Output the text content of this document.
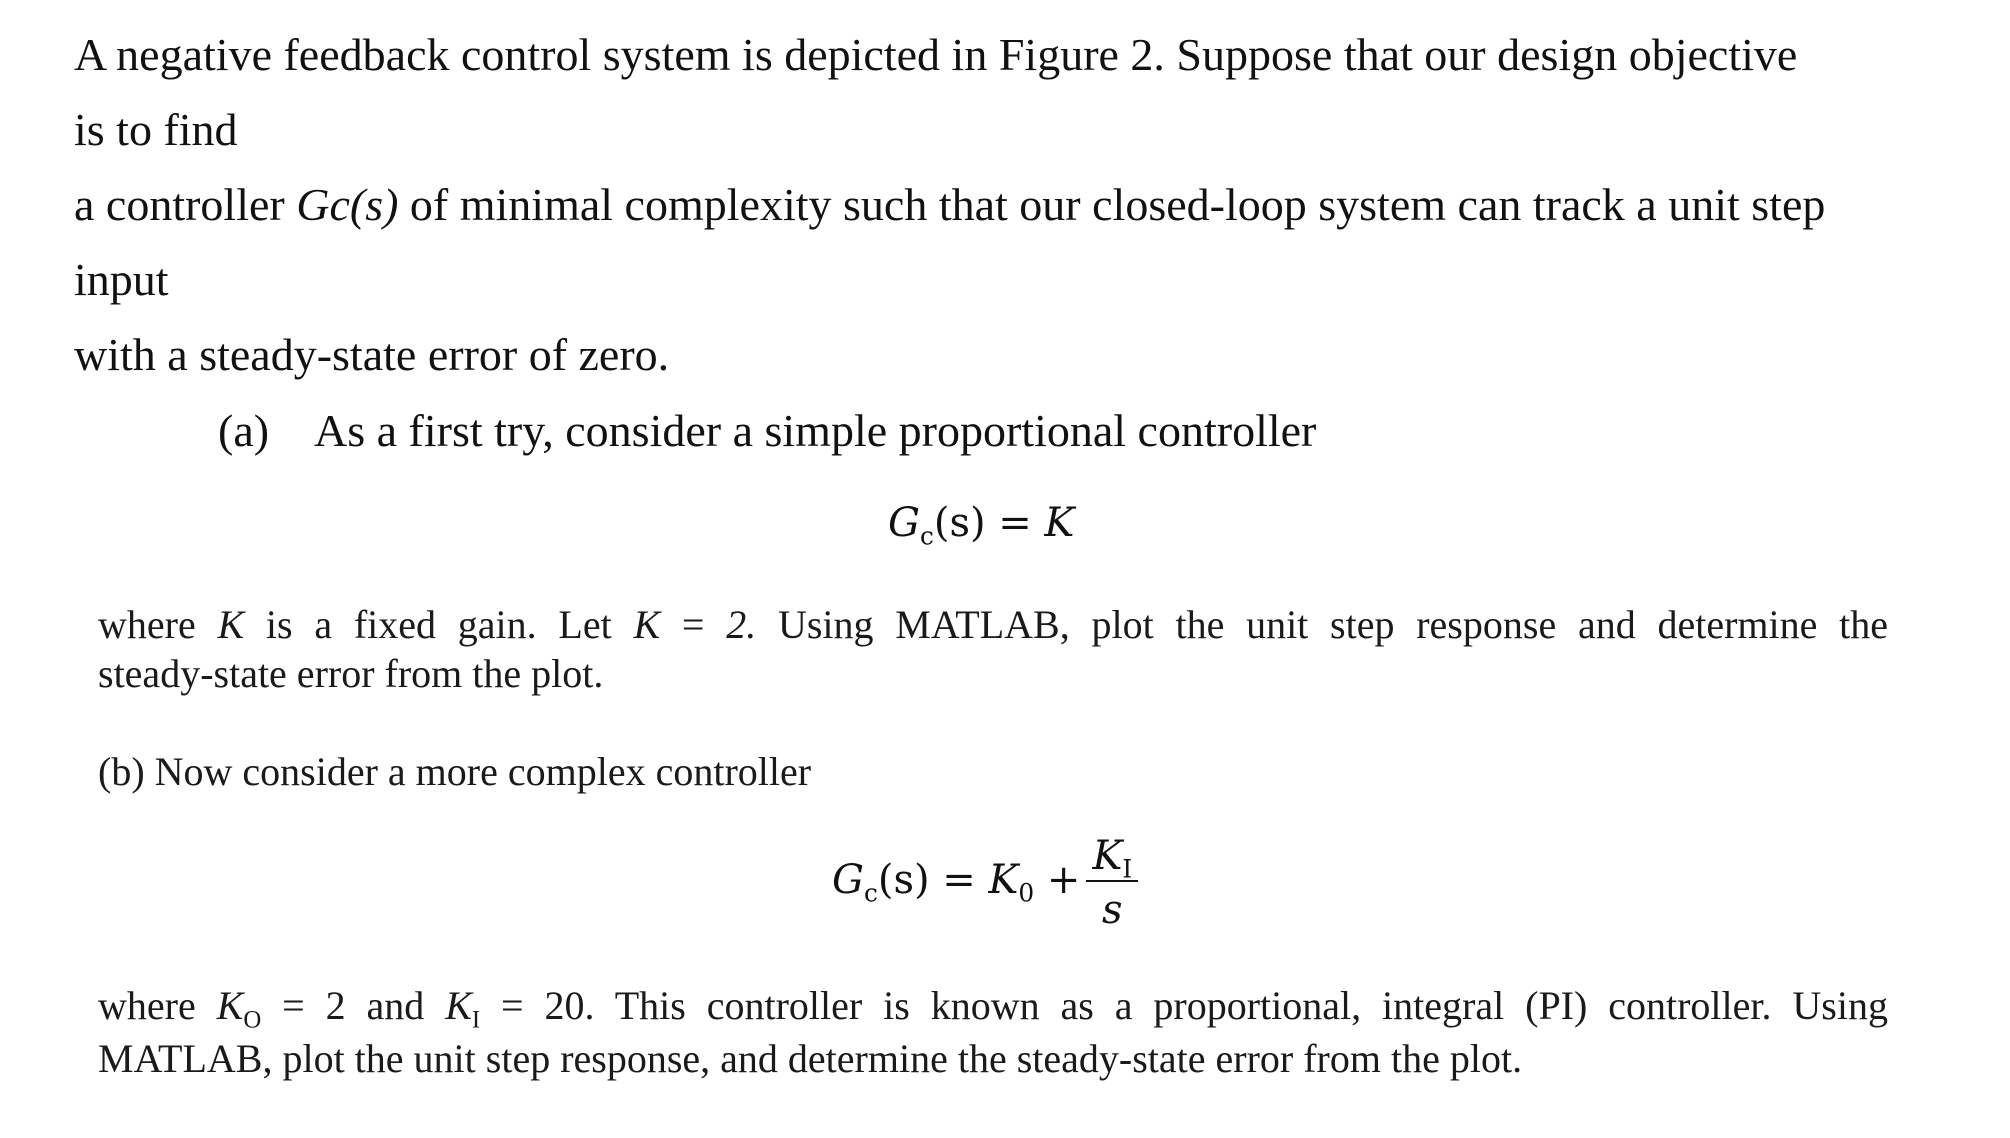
A negative feedback control system is depicted in Figure 2. Suppose that our design objective
is to find
a controller Gc(s) of minimal complexity such that our closed-loop system can track a unit step
input
with a steady-state error of zero.
(a) As a first try, consider a simple proportional controller
$G_c(s) = K$
where K is a fixed gain. Let K = 2. Using MATLAB, plot the unit step response and determine the
steady-state error from the plot.
(b) Now consider a more complex controller
$G_c(s) = K_0 + \frac{K_I}{s}$
where $K_O = 2$ and $K_I = 20$. This controller is known as a proportional, integral (PI) controller. Using
MATLAB, plot the unit step response, and determine the steady-state error from the plot.
